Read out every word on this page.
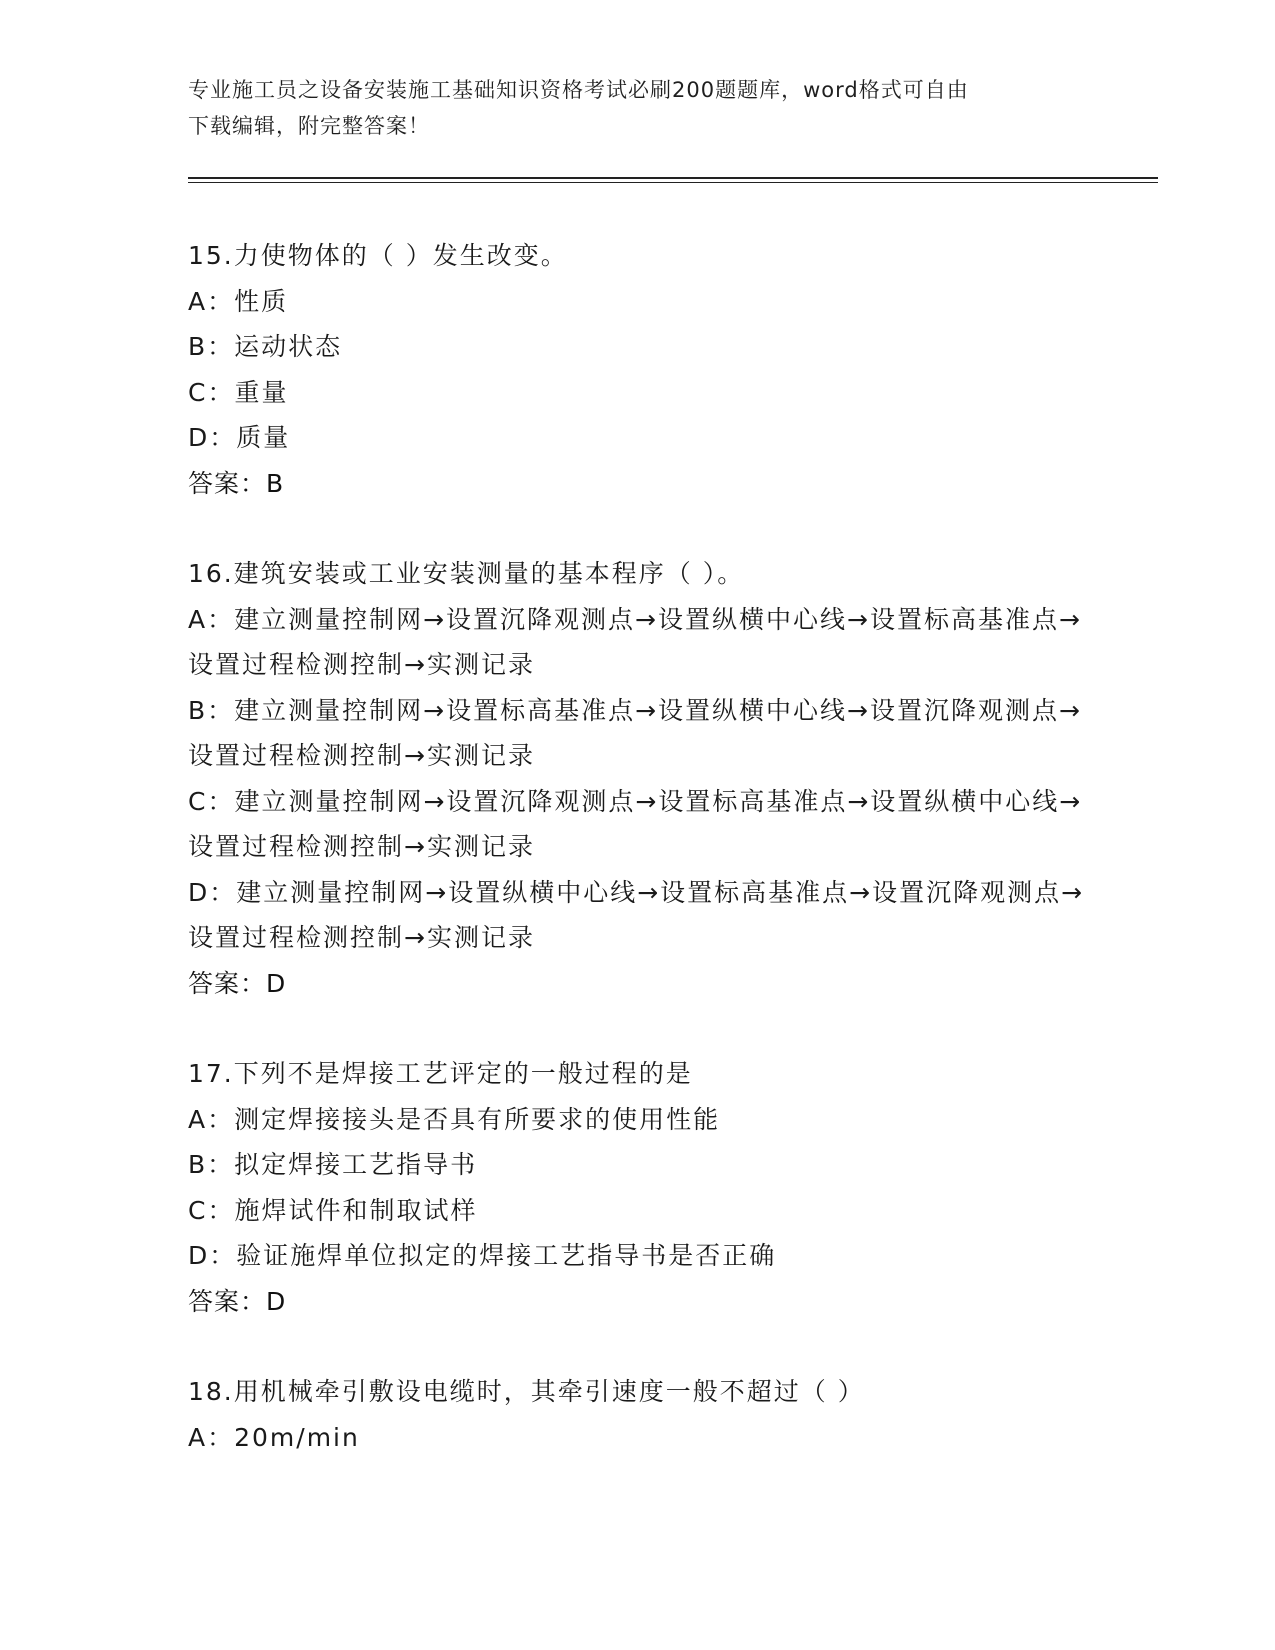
专业施工员之设备安装施工基础知识资格考试必刷200题题库，word格式可自由
下载编辑，附完整答案！
15.力使物体的（ ）发生改变。
A：性质
B：运动状态
C：重量
D：质量
答案：B
16.建筑安装或工业安装测量的基本程序（ ）。
A：建立测量控制网→设置沉降观测点→设置纵横中心线→设置标高基准点→设置过程检测控制→实测记录
B：建立测量控制网→设置标高基准点→设置纵横中心线→设置沉降观测点→设置过程检测控制→实测记录
C：建立测量控制网→设置沉降观测点→设置标高基准点→设置纵横中心线→设置过程检测控制→实测记录
D：建立测量控制网→设置纵横中心线→设置标高基准点→设置沉降观测点→设置过程检测控制→实测记录
答案：D
17.下列不是焊接工艺评定的一般过程的是
A：测定焊接接头是否具有所要求的使用性能
B：拟定焊接工艺指导书
C：施焊试件和制取试样
D：验证施焊单位拟定的焊接工艺指导书是否正确
答案：D
18.用机械牵引敷设电缆时，其牵引速度一般不超过（ ）
A：20m/min
